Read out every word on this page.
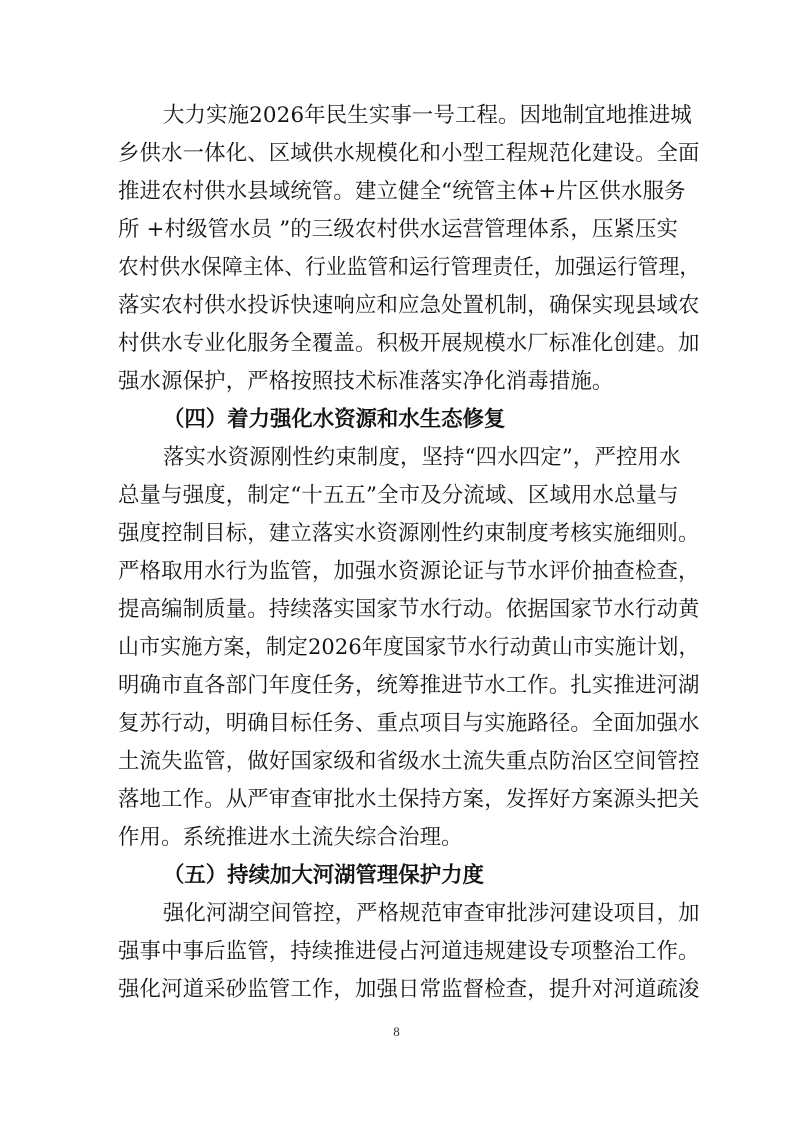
大力实施2026年民生实事一号工程。因地制宜地推进城
乡供水一体化、区域供水规模化和小型工程规范化建设。全面
推进农村供水县域统管。建立健全“统管主体+片区供水服务
所 +村级管水员 ”的三级农村供水运营管理体系，压紧压实
农村供水保障主体、行业监管和运行管理责任，加强运行管理，
落实农村供水投诉快速响应和应急处置机制，确保实现县域农
村供水专业化服务全覆盖。积极开展规模水厂标准化创建。加
强水源保护，严格按照技术标准落实净化消毒措施。
（四）着力强化水资源和水生态修复
落实水资源刚性约束制度，坚持“四水四定”，严控用水
总量与强度，制定“十五五”全市及分流域、区域用水总量与
强度控制目标，建立落实水资源刚性约束制度考核实施细则。
严格取用水行为监管，加强水资源论证与节水评价抽查检查，
提高编制质量。持续落实国家节水行动。依据国家节水行动黄
山市实施方案，制定2026年度国家节水行动黄山市实施计划，
明确市直各部门年度任务，统筹推进节水工作。扎实推进河湖
复苏行动，明确目标任务、重点项目与实施路径。全面加强水
土流失监管，做好国家级和省级水土流失重点防治区空间管控
落地工作。从严审查审批水土保持方案，发挥好方案源头把关
作用。系统推进水土流失综合治理。
（五）持续加大河湖管理保护力度
强化河湖空间管控，严格规范审查审批涉河建设项目，加
强事中事后监管，持续推进侵占河道违规建设专项整治工作。
强化河道采砂监管工作，加强日常监督检查，提升对河道疏浚
8
